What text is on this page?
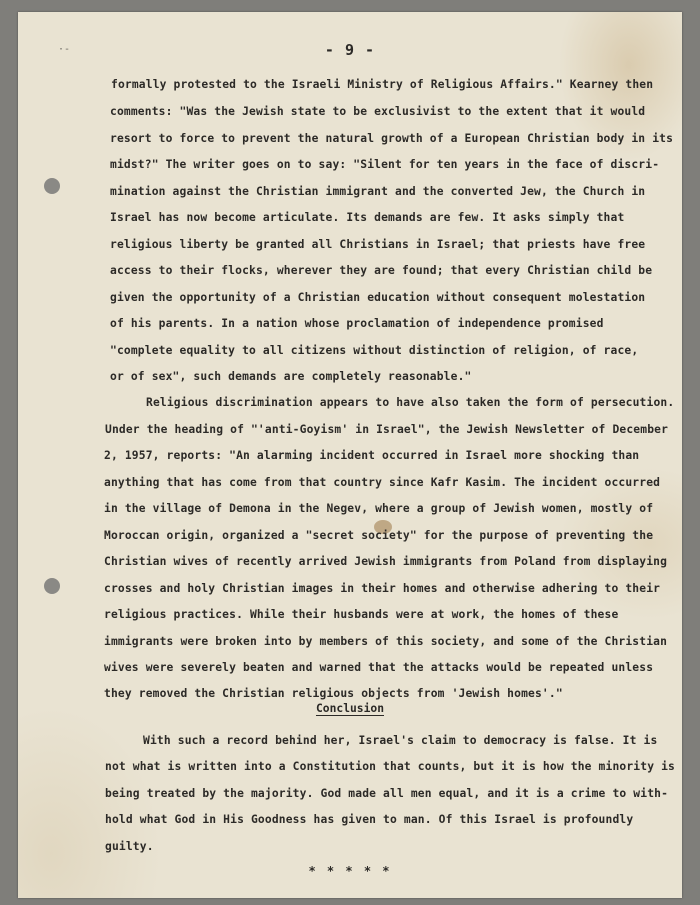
·-	- 9 -
formally protested to the Israeli Ministry of Religious Affairs." Kearney then
comments: "Was the Jewish state to be exclusivist to the extent that it would
resort to force to prevent the natural growth of a European Christian body in its
midst?" The writer goes on to say: "Silent for ten years in the face of discri-
mination against the Christian immigrant and the converted Jew, the Church in
Israel has now become articulate. Its demands are few. It asks simply that
religious liberty be granted all Christians in Israel; that priests have free
access to their flocks, wherever they are found; that every Christian child be
given the opportunity of a Christian education without consequent molestation
of his parents. In a nation whose proclamation of independence promised
"complete equality to all citizens without distinction of religion, of race,
or of sex", such demands are completely reasonable."
Religious discrimination appears to have also taken the form of persecution.
Under the heading of "'anti-Goyism' in Israel", the Jewish Newsletter of December
2, 1957, reports: "An alarming incident occurred in Israel more shocking than
anything that has come from that country since Kafr Kasim. The incident occurred
in the village of Demona in the Negev, where a group of Jewish women, mostly of
Moroccan origin, organized a "secret society" for the purpose of preventing the
Christian wives of recently arrived Jewish immigrants from Poland from displaying
crosses and holy Christian images in their homes and otherwise adhering to their
religious practices. While their husbands were at work, the homes of these
immigrants were broken into by members of this society, and some of the Christian
wives were severely beaten and warned that the attacks would be repeated unless
they removed the Christian religious objects from 'Jewish homes'."
Conclusion
With such a record behind her, Israel's claim to democracy is false. It is
not what is written into a Constitution that counts, but it is how the minority is
being treated by the majority. God made all men equal, and it is a crime to with-
hold what God in His Goodness has given to man. Of this Israel is profoundly
guilty.
* * * * *
